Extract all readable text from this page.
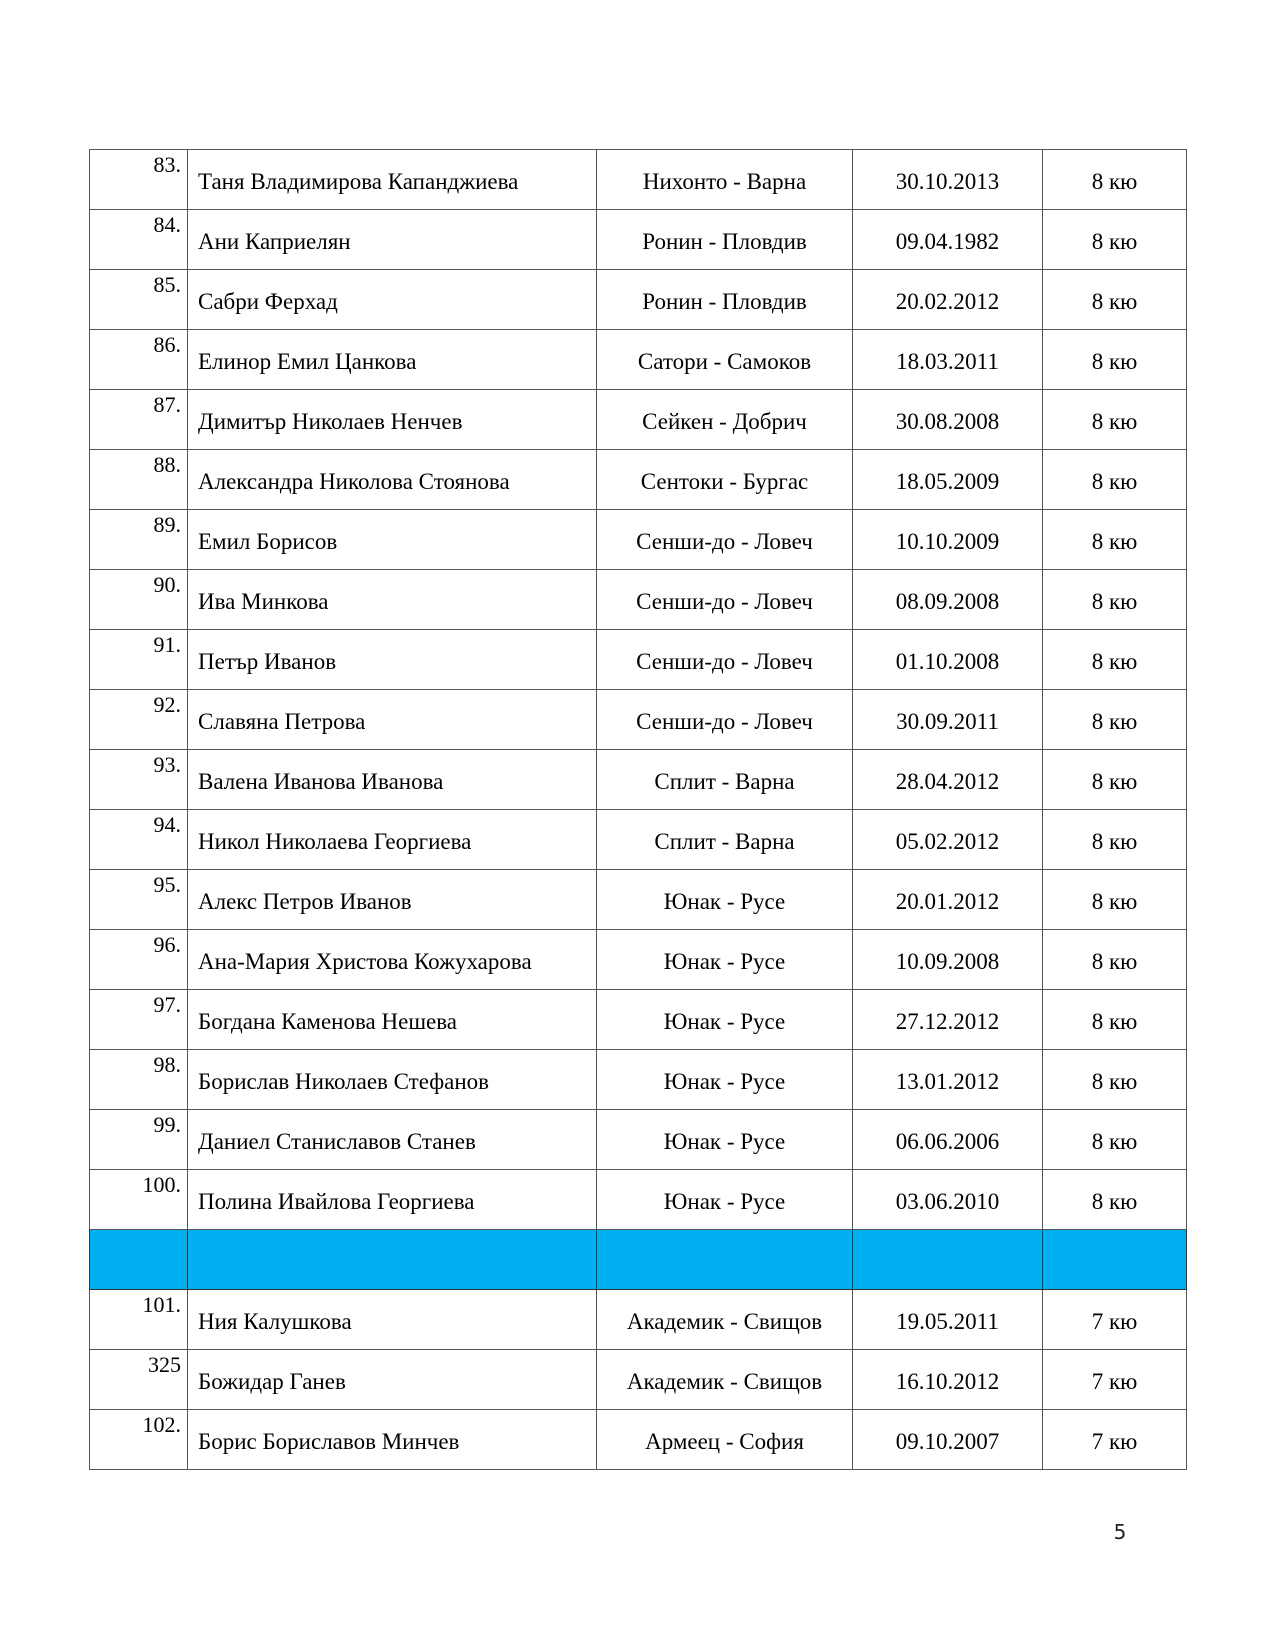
83.	Таня Владимирова Капанджиева	Нихонто - Варна	30.10.2013	8 кю
84.	Ани Каприелян	Ронин - Пловдив	09.04.1982	8 кю
85.	Сабри Ферхад	Ронин - Пловдив	20.02.2012	8 кю
86.	Елинор Емил Цанкова	Сатори - Самоков	18.03.2011	8 кю
87.	Димитър Николаев Ненчев	Сейкен - Добрич	30.08.2008	8 кю
88.	Александра Николова Стоянова	Сентоки - Бургас	18.05.2009	8 кю
89.	Емил Борисов	Сенши-до - Ловеч	10.10.2009	8 кю
90.	Ива Минкова	Сенши-до - Ловеч	08.09.2008	8 кю
91.	Петър Иванов	Сенши-до - Ловеч	01.10.2008	8 кю
92.	Славяна Петрова	Сенши-до - Ловеч	30.09.2011	8 кю
93.	Валена Иванова Иванова	Сплит - Варна	28.04.2012	8 кю
94.	Никол Николаева Георгиева	Сплит - Варна	05.02.2012	8 кю
95.	Алекс Петров Иванов	Юнак - Русе	20.01.2012	8 кю
96.	Ана-Мария Христова Кожухарова	Юнак - Русе	10.09.2008	8 кю
97.	Богдана Каменова Нешева	Юнак - Русе	27.12.2012	8 кю
98.	Борислав Николаев Стефанов	Юнак - Русе	13.01.2012	8 кю
99.	Даниел Станиславов Станев	Юнак - Русе	06.06.2006	8 кю
100.	Полина Ивайлова Георгиева	Юнак - Русе	03.06.2010	8 кю

101.	Ния Калушкова	Академик - Свищов	19.05.2011	7 кю
325	Божидар Ганев	Академик - Свищов	16.10.2012	7 кю
102.	Борис Бориславов Минчев	Армеец - София	09.10.2007	7 кю
5
